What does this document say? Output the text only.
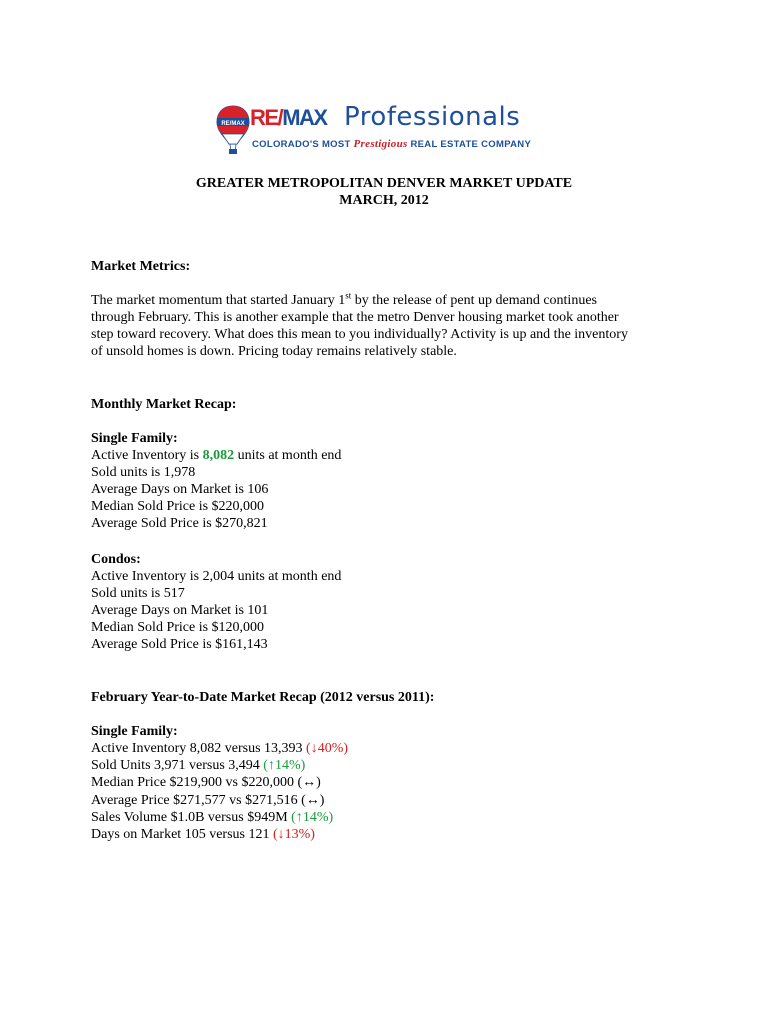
RE/MAX RE/MAX Professionals
COLORADO'S MOST Prestigious REAL ESTATE COMPANY
GREATER METROPOLITAN DENVER MARKET UPDATE
MARCH, 2012
Market Metrics:
The market momentum that started January 1st by the release of pent up demand continues
through February. This is another example that the metro Denver housing market took another
step toward recovery. What does this mean to you individually? Activity is up and the inventory
of unsold homes is down. Pricing today remains relatively stable.
Monthly Market Recap:
Single Family:
Active Inventory is 8,082 units at month end
Sold units is 1,978
Average Days on Market is 106
Median Sold Price is $220,000
Average Sold Price is $270,821
Condos:
Active Inventory is 2,004 units at month end
Sold units is 517
Average Days on Market is 101
Median Sold Price is $120,000
Average Sold Price is $161,143
February Year-to-Date Market Recap (2012 versus 2011):
Single Family:
Active Inventory 8,082 versus 13,393 (↓40%)
Sold Units 3,971 versus 3,494 (↑14%)
Median Price $219,900 vs $220,000 (↔)
Average Price $271,577 vs $271,516 (↔)
Sales Volume $1.0B versus $949M (↑14%)
Days on Market 105 versus 121 (↓13%)
